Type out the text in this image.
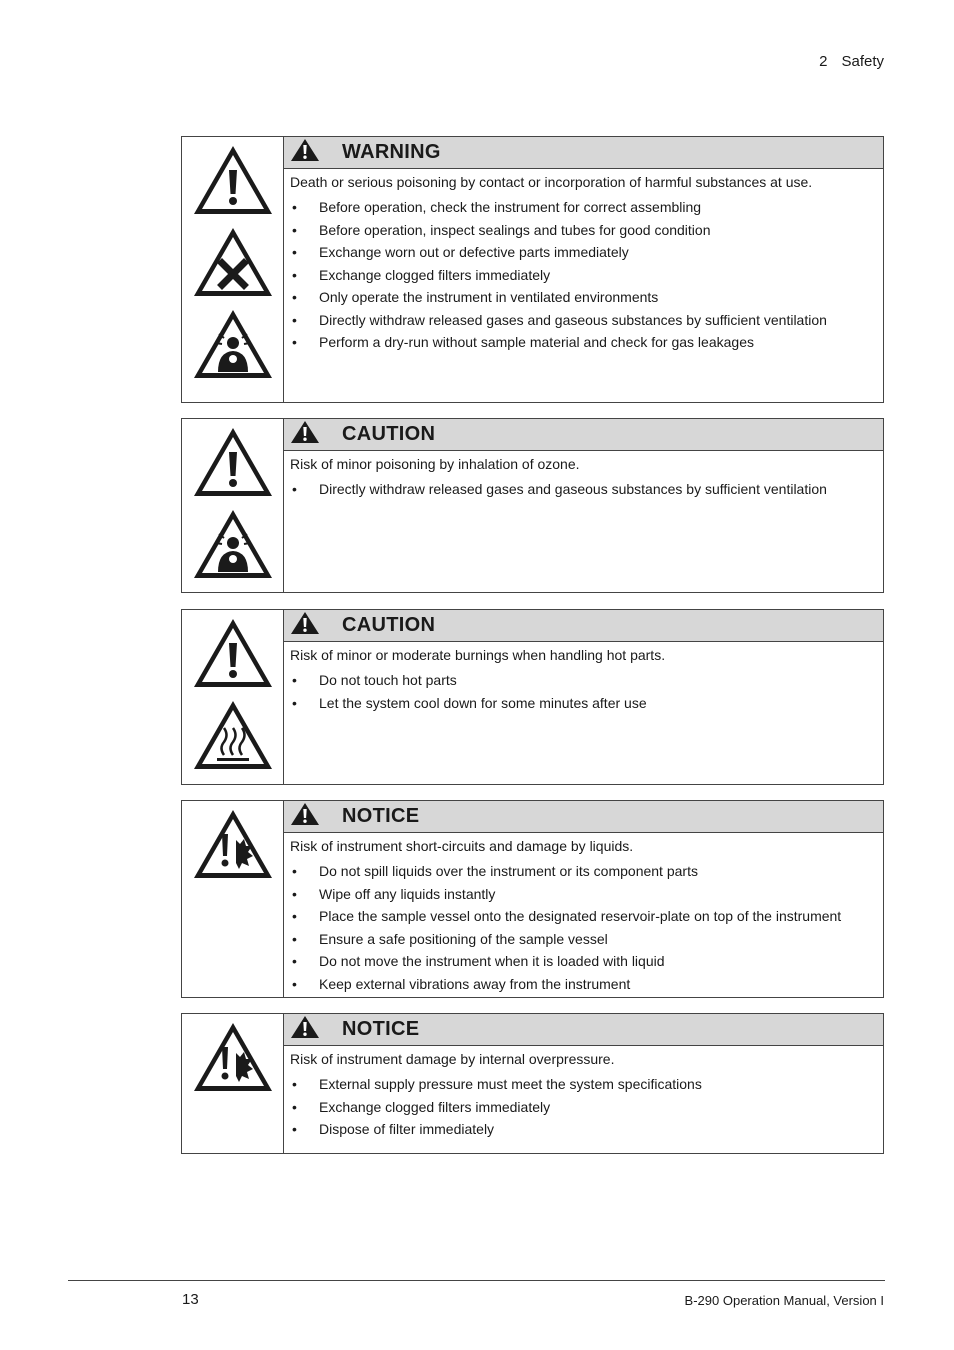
2 Safety
WARNING
Death or serious poisoning by contact or incorporation of harmful substances at use.
• Before operation, check the instrument for correct assembling
• Before operation, inspect sealings and tubes for good condition
• Exchange worn out or defective parts immediately
• Exchange clogged filters immediately
• Only operate the instrument in ventilated environments
• Directly withdraw released gases and gaseous substances by sufficient ventilation
• Perform a dry-run without sample material and check for gas leakages
CAUTION
Risk of minor poisoning by inhalation of ozone.
• Directly withdraw released gases and gaseous substances by sufficient ventilation
CAUTION
Risk of minor or moderate burnings when handling hot parts.
• Do not touch hot parts
• Let the system cool down for some minutes after use
NOTICE
Risk of instrument short-circuits and damage by liquids.
• Do not spill liquids over the instrument or its component parts
• Wipe off any liquids instantly
• Place the sample vessel onto the designated reservoir-plate on top of the instrument
• Ensure a safe positioning of the sample vessel
• Do not move the instrument when it is loaded with liquid
• Keep external vibrations away from the instrument
NOTICE
Risk of instrument damage by internal overpressure.
• External supply pressure must meet the system specifications
• Exchange clogged filters immediately
• Dispose of filter immediately
13	B-290 Operation Manual, Version I
